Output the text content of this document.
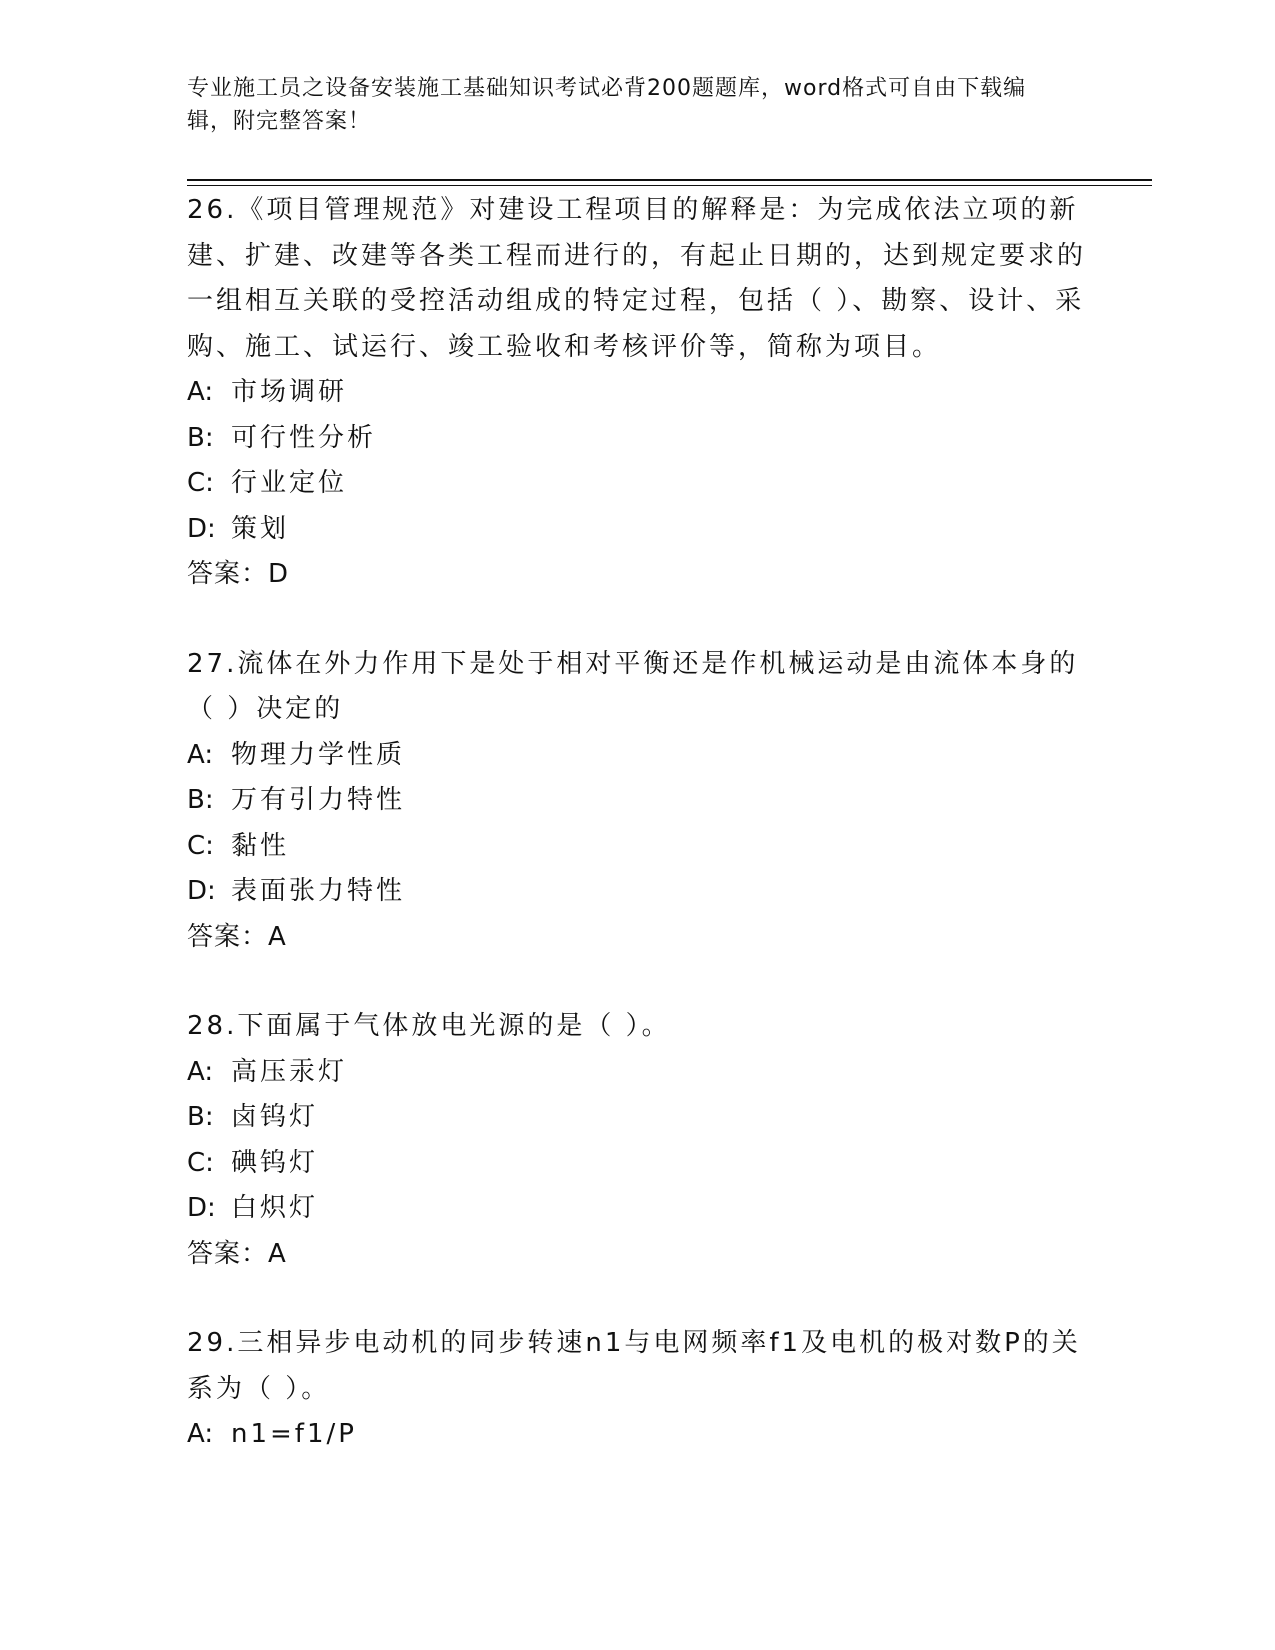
专业施工员之设备安装施工基础知识考试必背200题题库，word格式可自由下载编辑，附完整答案！

26.《项目管理规范》对建设工程项目的解释是：为完成依法立项的新建、扩建、改建等各类工程而进行的，有起止日期的，达到规定要求的一组相互关联的受控活动组成的特定过程，包括（ ）、勘察、设计、采购、施工、试运行、竣工验收和考核评价等，简称为项目。

A: 市场调研
B: 可行性分析
C: 行业定位
D: 策划
答案：D

27.流体在外力作用下是处于相对平衡还是作机械运动是由流体本身的（ ）决定的

A: 物理力学性质
B: 万有引力特性
C: 黏性
D: 表面张力特性
答案：A

28.下面属于气体放电光源的是（ ）。

A: 高压汞灯
B: 卤钨灯
C: 碘钨灯
D: 白炽灯
答案：A

29.三相异步电动机的同步转速n1与电网频率f1及电机的极对数P的关系为（ ）。

A: n1=f1/P
